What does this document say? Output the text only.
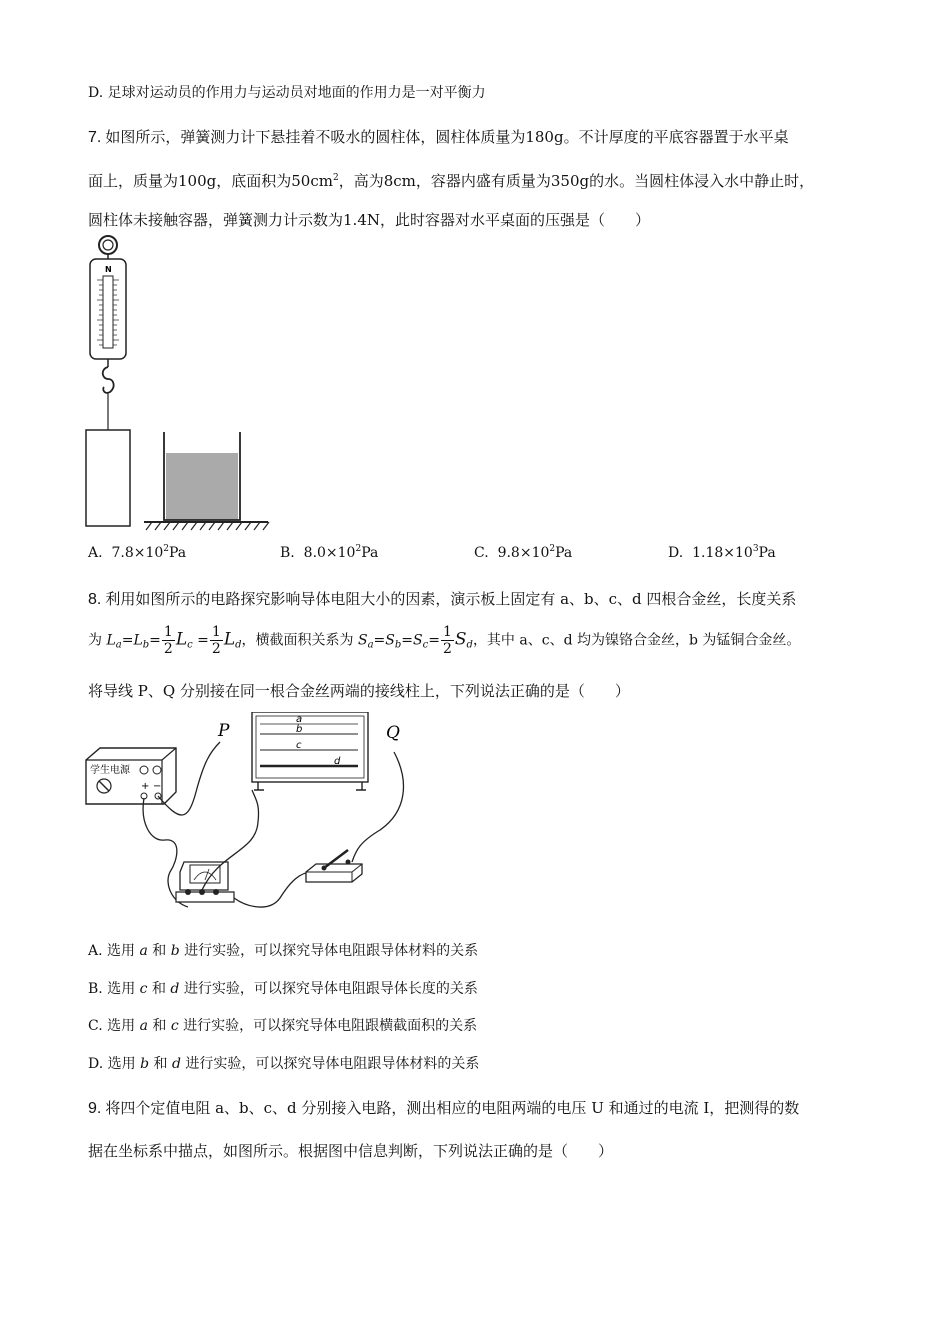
D. 足球对运动员的作用力与运动员对地面的作用力是一对平衡力
7. 如图所示，弹簧测力计下悬挂着不吸水的圆柱体，圆柱体质量为180g。不计厚度的平底容器置于水平桌
面上，质量为100g，底面积为$50cm^2$，高为8cm，容器内盛有质量为350g的水。当圆柱体浸入水中静止时，
圆柱体未接触容器，弹簧测力计示数为1.4N，此时容器对水平桌面的压强是（　　）
N
A. $7.8\times 10^2Pa$	B. $8.0\times 10^2Pa$	C. $9.8\times 10^2Pa$	D. $1.18\times 10^3Pa$
8. 利用如图所示的电路探究影响导体电阻大小的因素，演示板上固定有 a、b、c、d 四根合金丝，长度关系
为 $L_a=L_b= \frac{1}{2} L_c = \frac{1}{2} L_d$，横截面积关系为 $S_a=S_b=S_c= \frac{1}{2} S_d$，其中 a、c、d 均为镍铬合金丝，b 为锰铜合金丝。
将导线 P、Q 分别接在同一根合金丝两端的接线柱上，下列说法正确的是（　　）
学生电源
+ −
a
b
c
d
P	Q
A. 选用 a 和 b 进行实验，可以探究导体电阻跟导体材料的关系
B. 选用 c 和 d 进行实验，可以探究导体电阻跟导体长度的关系
C. 选用 a 和 c 进行实验，可以探究导体电阻跟横截面积的关系
D. 选用 b 和 d 进行实验，可以探究导体电阻跟导体材料的关系
9. 将四个定值电阻 a、b、c、d 分别接入电路，测出相应的电阻两端的电压 U 和通过的电流 I，把测得的数
据在坐标系中描点，如图所示。根据图中信息判断，下列说法正确的是（　　）
